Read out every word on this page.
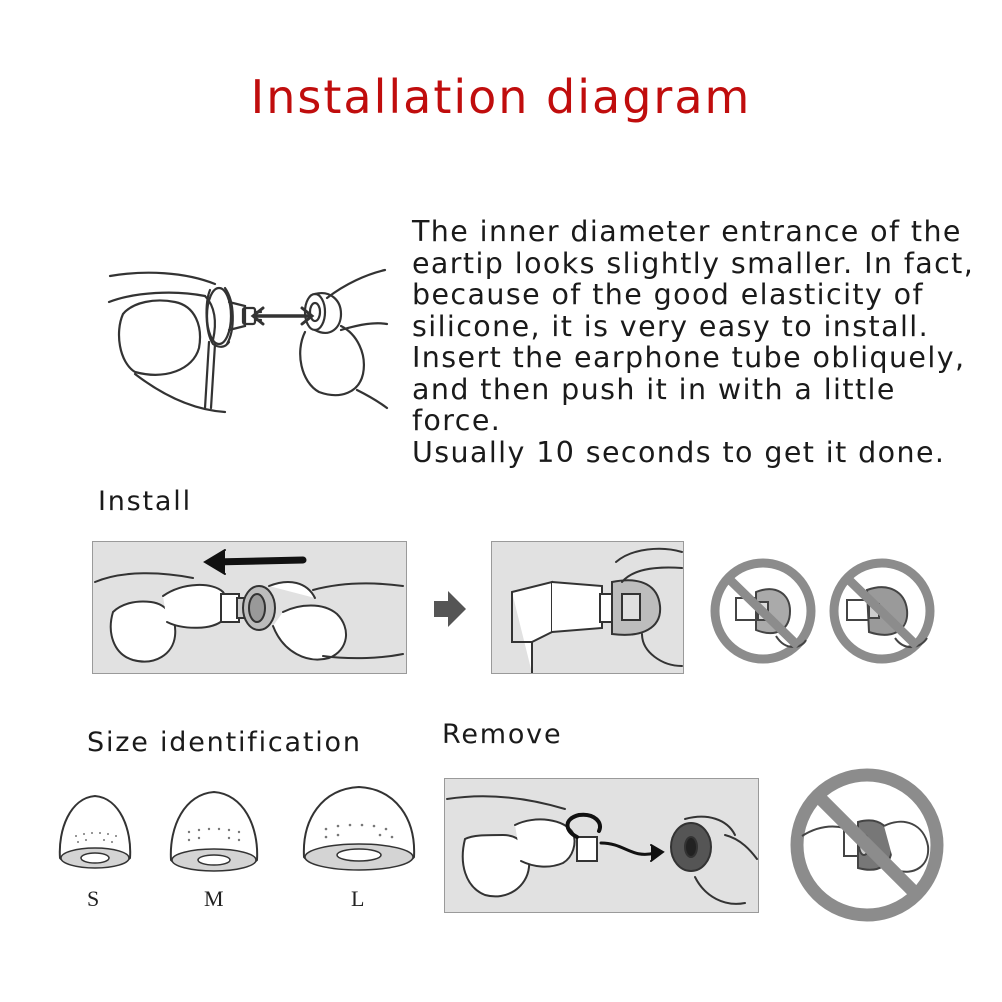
Installation diagram
The inner diameter entrance of the
eartip looks slightly smaller. In fact,
because of the good elasticity of
silicone, it is very easy to install.
Insert the earphone tube obliquely,
and then push it in with a little force.
Usually 10 seconds to get it done.
Install
Size identification	Remove
S	M	L
